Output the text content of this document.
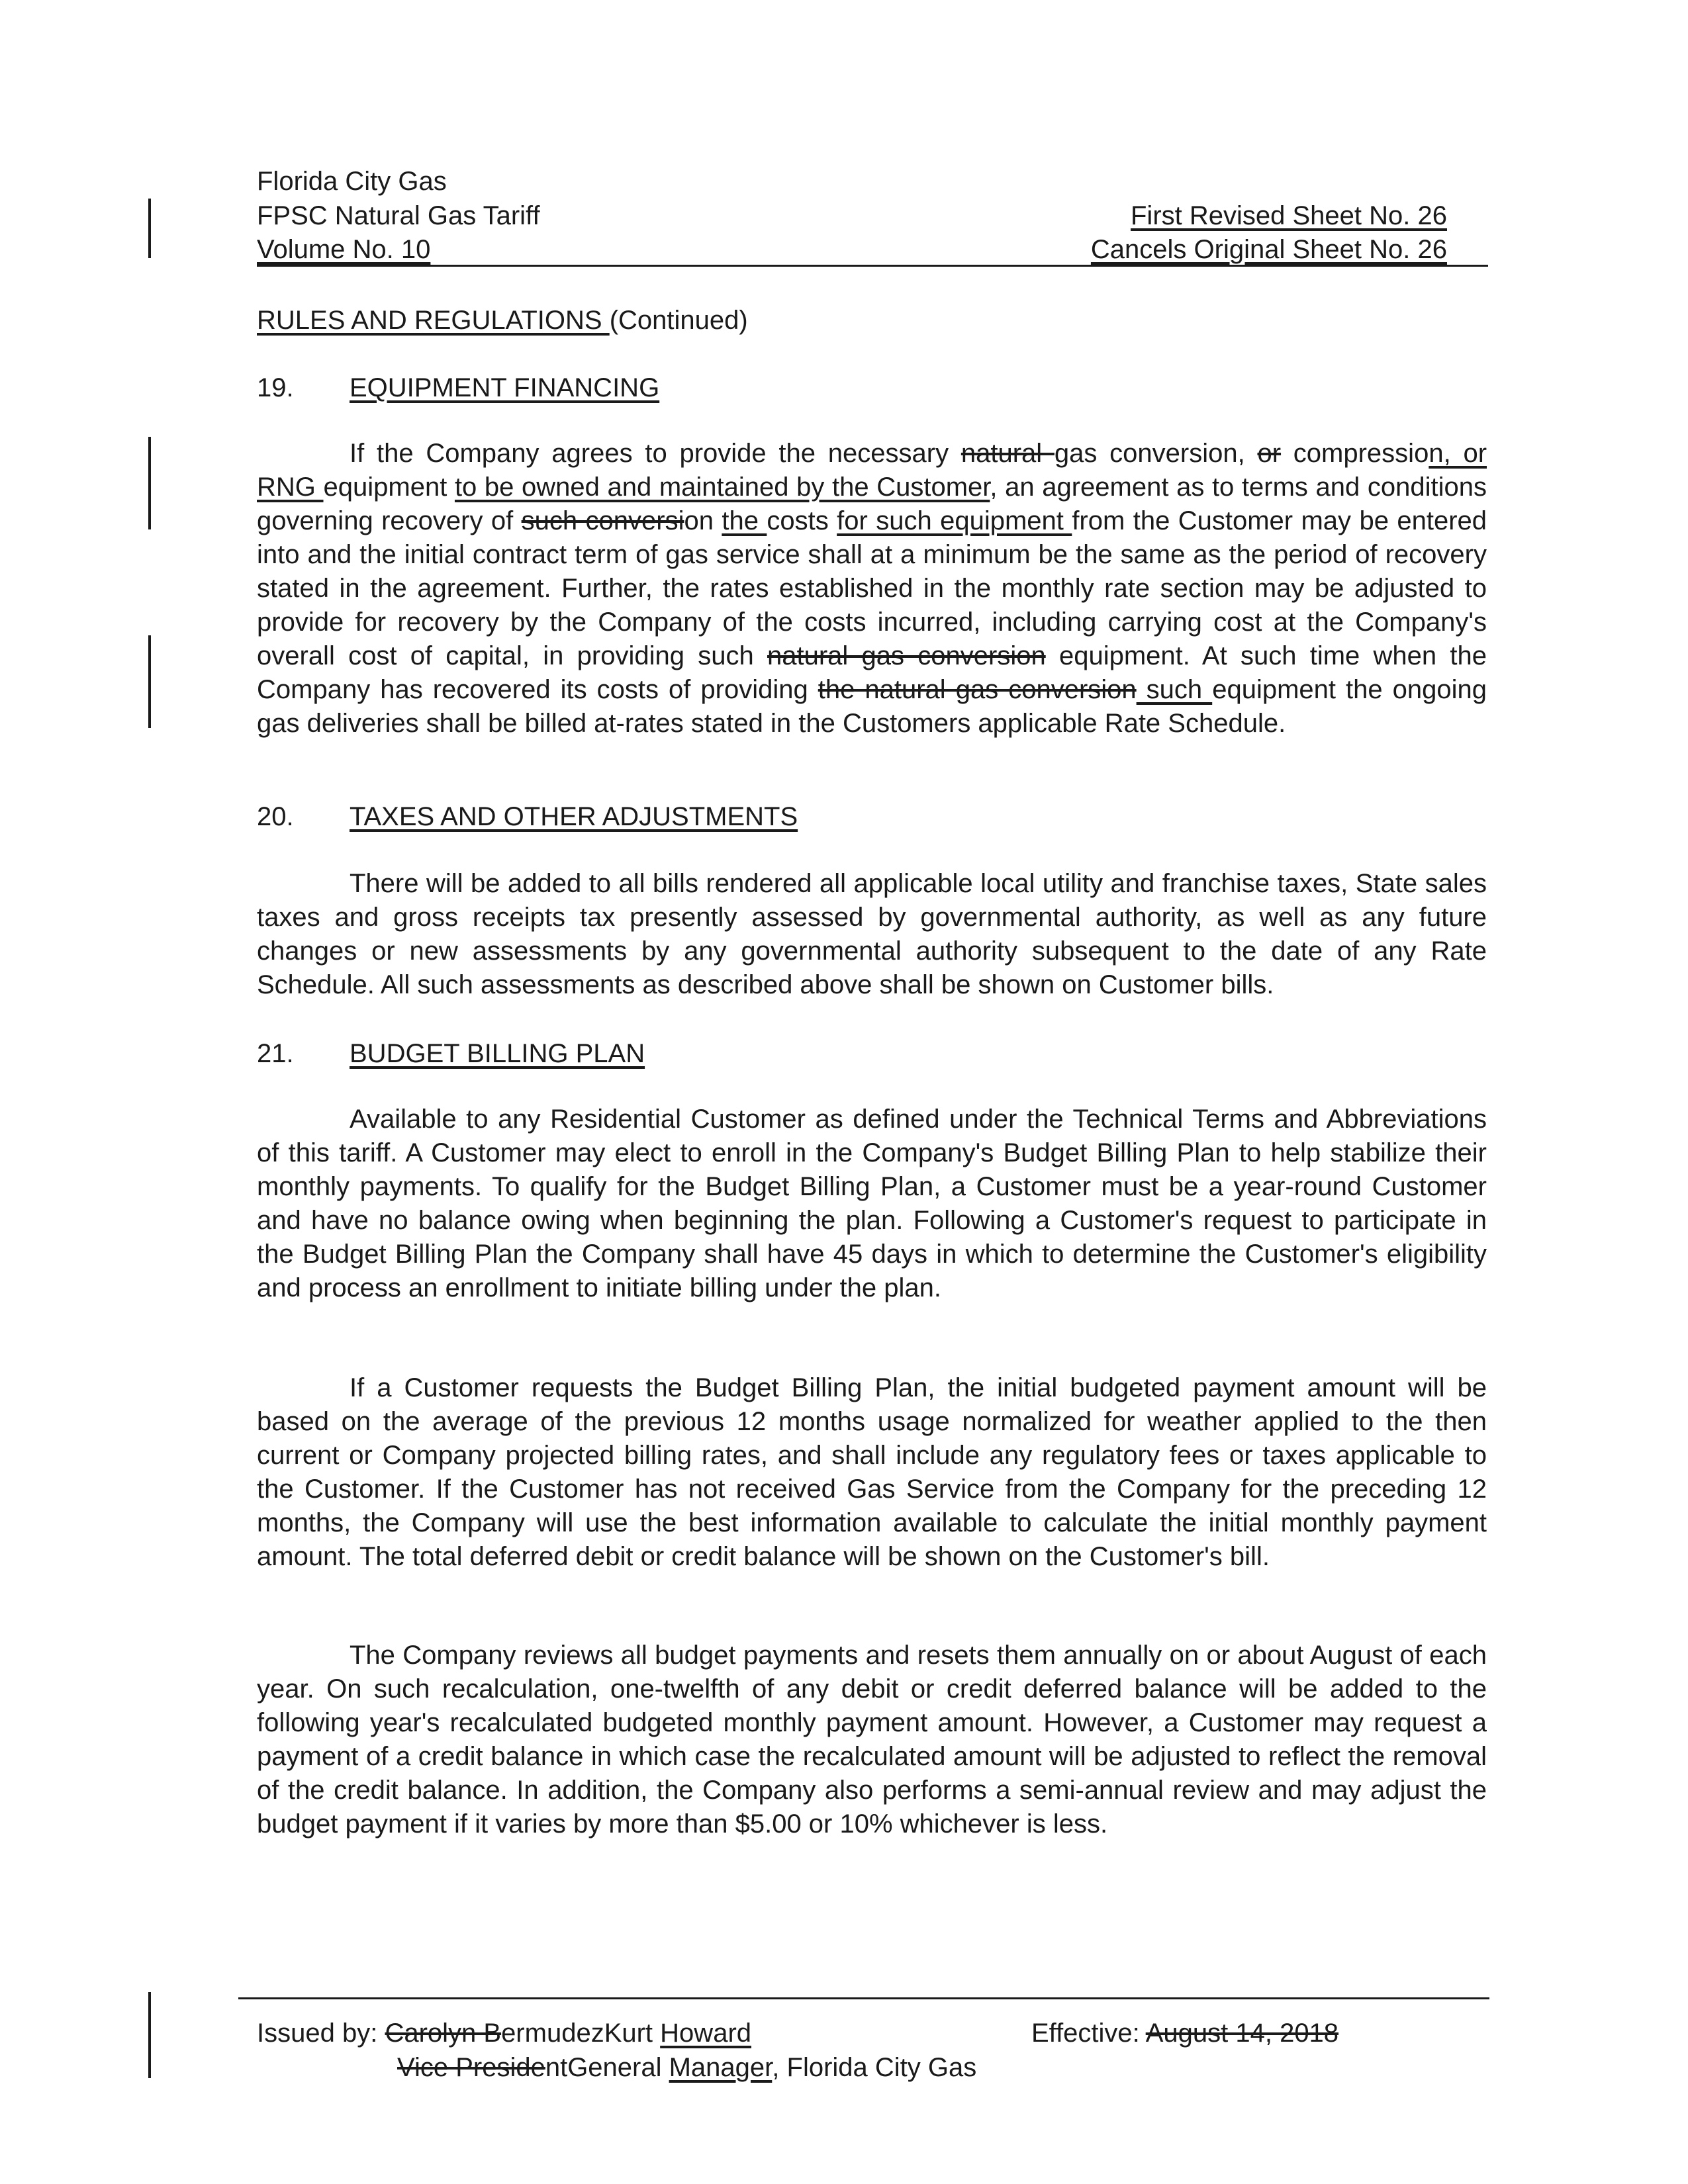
Florida City Gas
FPSC Natural Gas Tariff
Volume No. 10
First Revised Sheet No. 26
Cancels Original Sheet No. 26
RULES AND REGULATIONS (Continued)
19. EQUIPMENT FINANCING
If the Company agrees to provide the necessary natural gas conversion, or compression, or RNG equipment to be owned and maintained by the Customer, an agreement as to terms and conditions governing recovery of such conversion the costs for such equipment from the Customer may be entered into and the initial contract term of gas service shall at a minimum be the same as the period of recovery stated in the agreement. Further, the rates established in the monthly rate section may be adjusted to provide for recovery by the Company of the costs incurred, including carrying cost at the Company's overall cost of capital, in providing such natural gas conversion equipment. At such time when the Company has recovered its costs of providing the natural gas conversion such equipment the ongoing gas deliveries shall be billed at-rates stated in the Customers applicable Rate Schedule.
20. TAXES AND OTHER ADJUSTMENTS
There will be added to all bills rendered all applicable local utility and franchise taxes, State sales taxes and gross receipts tax presently assessed by governmental authority, as well as any future changes or new assessments by any governmental authority subsequent to the date of any Rate Schedule. All such assessments as described above shall be shown on Customer bills.
21. BUDGET BILLING PLAN
Available to any Residential Customer as defined under the Technical Terms and Abbreviations of this tariff. A Customer may elect to enroll in the Company's Budget Billing Plan to help stabilize their monthly payments. To qualify for the Budget Billing Plan, a Customer must be a year-round Customer and have no balance owing when beginning the plan. Following a Customer's request to participate in the Budget Billing Plan the Company shall have 45 days in which to determine the Customer's eligibility and process an enrollment to initiate billing under the plan.
If a Customer requests the Budget Billing Plan, the initial budgeted payment amount will be based on the average of the previous 12 months usage normalized for weather applied to the then current or Company projected billing rates, and shall include any regulatory fees or taxes applicable to the Customer. If the Customer has not received Gas Service from the Company for the preceding 12 months, the Company will use the best information available to calculate the initial monthly payment amount. The total deferred debit or credit balance will be shown on the Customer's bill.
The Company reviews all budget payments and resets them annually on or about August of each year. On such recalculation, one-twelfth of any debit or credit deferred balance will be added to the following year's recalculated budgeted monthly payment amount. However, a Customer may request a payment of a credit balance in which case the recalculated amount will be adjusted to reflect the removal of the credit balance. In addition, the Company also performs a semi-annual review and may adjust the budget payment if it varies by more than $5.00 or 10% whichever is less.
Issued by: Carolyn BermudezKurt Howard
Vice PresidentGeneral Manager, Florida City Gas
Effective: August 14, 2018
